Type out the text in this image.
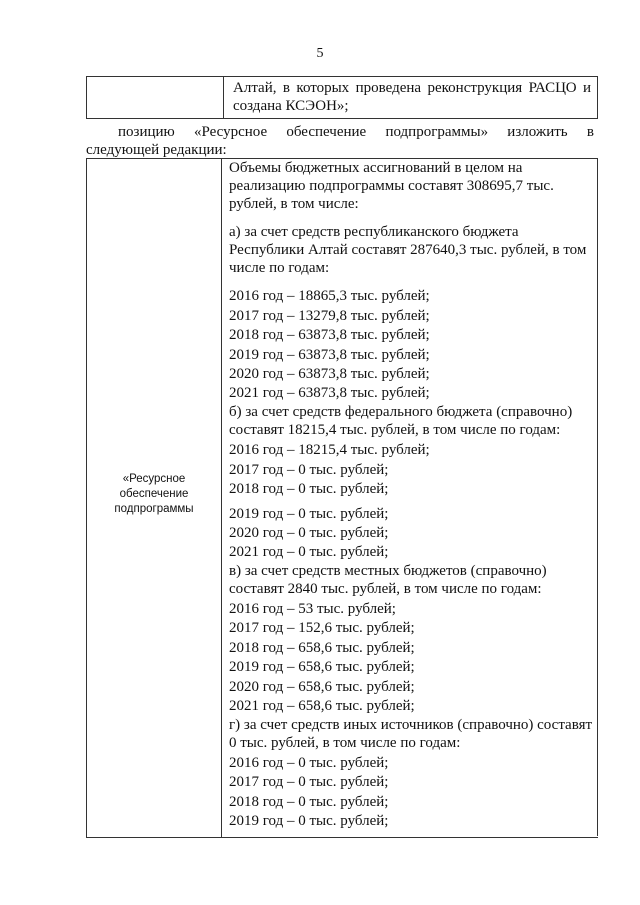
5
Алтай, в которых проведена реконструкция РАСЦО и
создана КСЭОН»;
позицию «Ресурсное обеспечение подпрограммы» изложить в
следующей редакции:
«Ресурсное
обеспечение
подпрограммы
Объемы бюджетных ассигнований в целом на
реализацию подпрограммы составят 308695,7 тыс.
рублей, в том числе:
а) за счет средств республиканского бюджета
Республики Алтай составят 287640,3 тыс. рублей, в том
числе по годам:
2016 год – 18865,3 тыс. рублей;
2017 год – 13279,8 тыс. рублей;
2018 год – 63873,8 тыс. рублей;
2019 год – 63873,8 тыс. рублей;
2020 год – 63873,8 тыс. рублей;
2021 год – 63873,8 тыс. рублей;
б) за счет средств федерального бюджета (справочно)
составят 18215,4 тыс. рублей, в том числе по годам:
2016 год – 18215,4 тыс. рублей;
2017 год – 0 тыс. рублей;
2018 год – 0 тыс. рублей;
2019 год – 0 тыс. рублей;
2020 год – 0 тыс. рублей;
2021 год – 0 тыс. рублей;
в) за счет средств местных бюджетов (справочно)
составят 2840 тыс. рублей, в том числе по годам:
2016 год – 53 тыс. рублей;
2017 год – 152,6 тыс. рублей;
2018 год – 658,6 тыс. рублей;
2019 год – 658,6 тыс. рублей;
2020 год – 658,6 тыс. рублей;
2021 год – 658,6 тыс. рублей;
г) за счет средств иных источников (справочно) составят
0 тыс. рублей, в том числе по годам:
2016 год – 0 тыс. рублей;
2017 год – 0 тыс. рублей;
2018 год – 0 тыс. рублей;
2019 год – 0 тыс. рублей;
